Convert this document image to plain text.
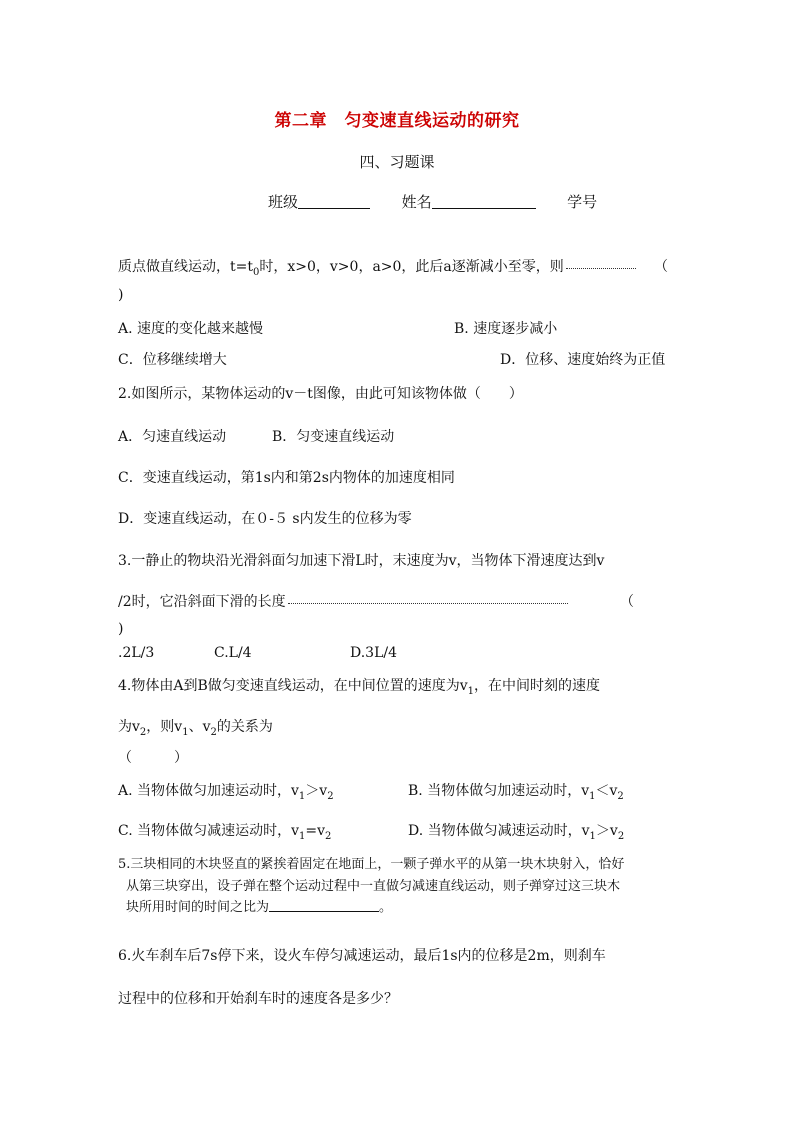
第二章　匀变速直线运动的研究
四、习题课
班级	姓名	学号
质点做直线运动，$t=t_0$时，x>0，v>0，a>0，此后a逐渐减小至零，则	（
)
A. 速度的变化越来越慢	B. 速度逐步减小
C．位移继续增大	D．位移、速度始终为正值
2.如图所示，某物体运动的v－t图像，由此可知该物体做（　　）
A．匀速直线运动	B．匀变速直线运动
C．变速直线运动，第1s内和第2s内物体的加速度相同
D．变速直线运动，在０-５ s内发生的位移为零
3.一静止的物块沿光滑斜面匀加速下滑L时，末速度为v，当物体下滑速度达到v
/2时，它沿斜面下滑的长度	（
)
.2L/3	C.L/4	D.3L/4
4.物体由A到B做匀变速直线运动，在中间位置的速度为$v_1$，在中间时刻的速度
为$v_2$，则$v_1$、$v_2$的关系为
（　　　）
A. 当物体做匀加速运动时，$v_1>v_2$	B. 当物体做匀加速运动时，$v_1<v_2$
C. 当物体做匀减速运动时，$v_1=v_2$	D. 当物体做匀减速运动时，$v_1>v_2$
5.三块相同的木块竖直的紧挨着固定在地面上，一颗子弹水平的从第一块木块射入，恰好
从第三块穿出，设子弹在整个运动过程中一直做匀减速直线运动，则子弹穿过这三块木
块所用时间的时间之比为	。
6.火车刹车后7s停下来，设火车停匀减速运动，最后1s内的位移是2m，则刹车
过程中的位移和开始刹车时的速度各是多少？
